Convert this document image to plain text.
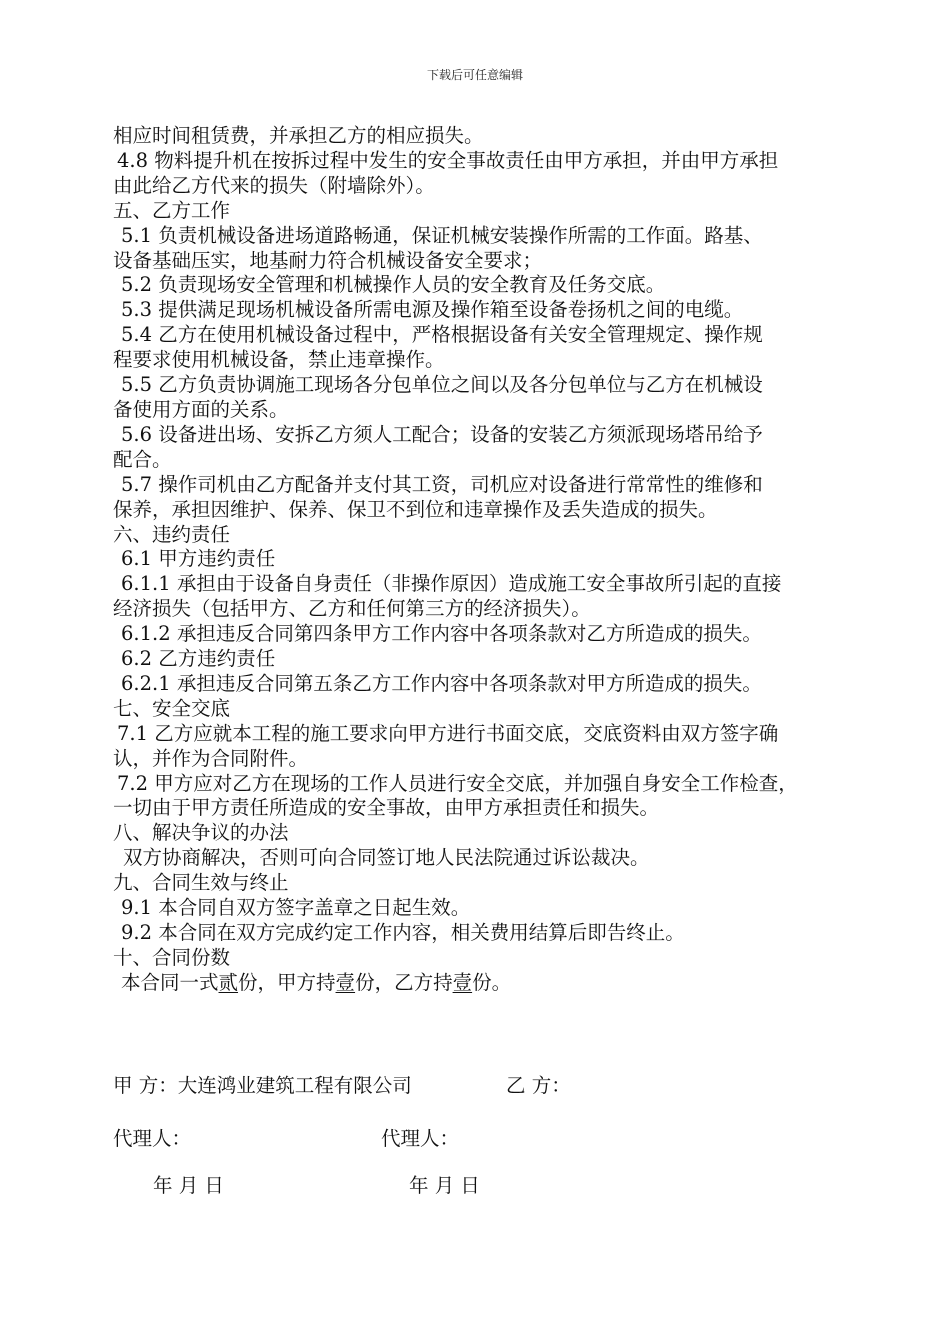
下载后可任意编辑
相应时间租赁费，并承担乙方的相应损失。
4.8 物料提升机在按拆过程中发生的安全事故责任由甲方承担，并由甲方承担
由此给乙方代来的损失（附墙除外）。
五、乙方工作
5.1 负责机械设备进场道路畅通，保证机械安装操作所需的工作面。路基、
设备基础压实，地基耐力符合机械设备安全要求；
5.2 负责现场安全管理和机械操作人员的安全教育及任务交底。
5.3 提供满足现场机械设备所需电源及操作箱至设备卷扬机之间的电缆。
5.4 乙方在使用机械设备过程中，严格根据设备有关安全管理规定、操作规
程要求使用机械设备，禁止违章操作。
5.5 乙方负责协调施工现场各分包单位之间以及各分包单位与乙方在机械设
备使用方面的关系。
5.6 设备进出场、安拆乙方须人工配合；设备的安装乙方须派现场塔吊给予
配合。
5.7 操作司机由乙方配备并支付其工资，司机应对设备进行常常性的维修和
保养，承担因维护、保养、保卫不到位和违章操作及丢失造成的损失。
六、违约责任
6.1 甲方违约责任
6.1.1 承担由于设备自身责任（非操作原因）造成施工安全事故所引起的直接
经济损失（包括甲方、乙方和任何第三方的经济损失）。
6.1.2 承担违反合同第四条甲方工作内容中各项条款对乙方所造成的损失。
6.2 乙方违约责任
6.2.1 承担违反合同第五条乙方工作内容中各项条款对甲方所造成的损失。
七、安全交底
7.1 乙方应就本工程的施工要求向甲方进行书面交底，交底资料由双方签字确
认，并作为合同附件。
7.2 甲方应对乙方在现场的工作人员进行安全交底，并加强自身安全工作检查，
一切由于甲方责任所造成的安全事故，由甲方承担责任和损失。
八、解决争议的办法
双方协商解决，否则可向合同签订地人民法院通过诉讼裁决。
九、合同生效与终止
9.1 本合同自双方签字盖章之日起生效。
9.2 本合同在双方完成约定工作内容，相关费用结算后即告终止。
十、合同份数
本合同一式贰份，甲方持壹份，乙方持壹份。
甲 方：大连鸿业建筑工程有限公司	乙 方：
代理人：	代理人：
年 月 日	年 月 日
